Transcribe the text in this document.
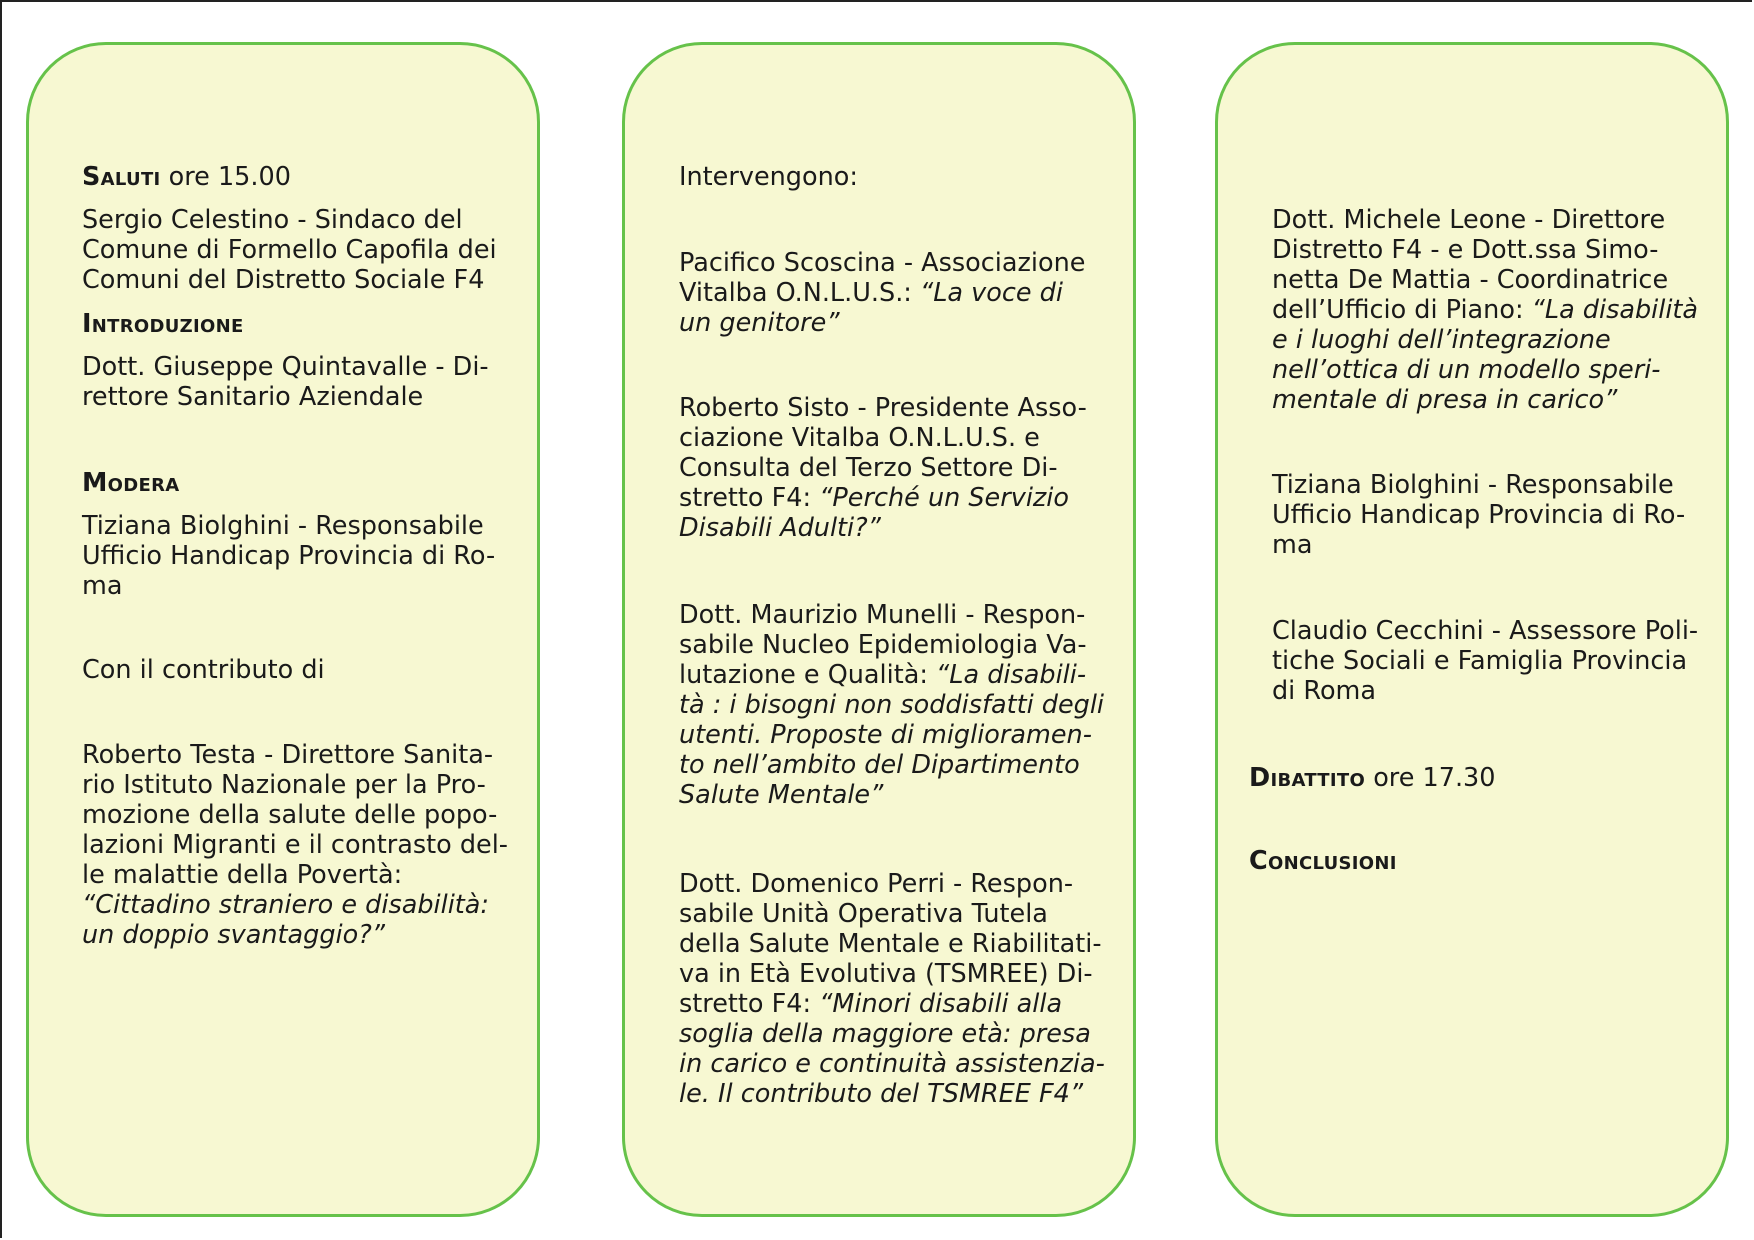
Saluti ore 15.00

Sergio Celestino - Sindaco del

Comune di Formello Capofila dei

Comuni del Distretto Sociale F4

Introduzione

Dott. Giuseppe Quintavalle - Di-

rettore Sanitario Aziendale

Modera

Tiziana Biolghini - Responsabile

Ufficio Handicap Provincia di Ro-

ma

Con il contributo di

Roberto Testa - Direttore Sanita-

rio Istituto Nazionale per la Pro-

mozione della salute delle popo-

lazioni Migranti e il contrasto del-

le malattie della Povertà:

“Cittadino straniero e disabilità:

un doppio svantaggio?”

Intervengono:

Pacifico Scoscina - Associazione

Vitalba O.N.L.U.S.: “La voce di

un genitore”

Roberto Sisto - Presidente Asso-

ciazione Vitalba O.N.L.U.S. e

Consulta del Terzo Settore Di-

stretto F4: “Perché un Servizio

Disabili Adulti?”

Dott. Maurizio Munelli - Respon-

sabile Nucleo Epidemiologia Va-

lutazione e Qualità: “La disabili-

tà : i bisogni non soddisfatti degli

utenti. Proposte di miglioramen-

to nell’ambito del Dipartimento

Salute Mentale”

Dott. Domenico Perri - Respon-

sabile Unità Operativa Tutela

della Salute Mentale e Riabilitati-

va in Età Evolutiva (TSMREE) Di-

stretto F4: “Minori disabili alla

soglia della maggiore età: presa

in carico e continuità assistenzia-

le. Il contributo del TSMREE F4”

Dott. Michele Leone - Direttore

Distretto F4 - e Dott.ssa Simo-

netta De Mattia - Coordinatrice

dell’Ufficio di Piano: “La disabilità

e i luoghi dell’integrazione

nell’ottica di un modello speri-

mentale di presa in carico”

Tiziana Biolghini - Responsabile

Ufficio Handicap Provincia di Ro-

ma

Claudio Cecchini - Assessore Poli-

tiche Sociali e Famiglia Provincia

di Roma

Dibattito ore 17.30

Conclusioni
